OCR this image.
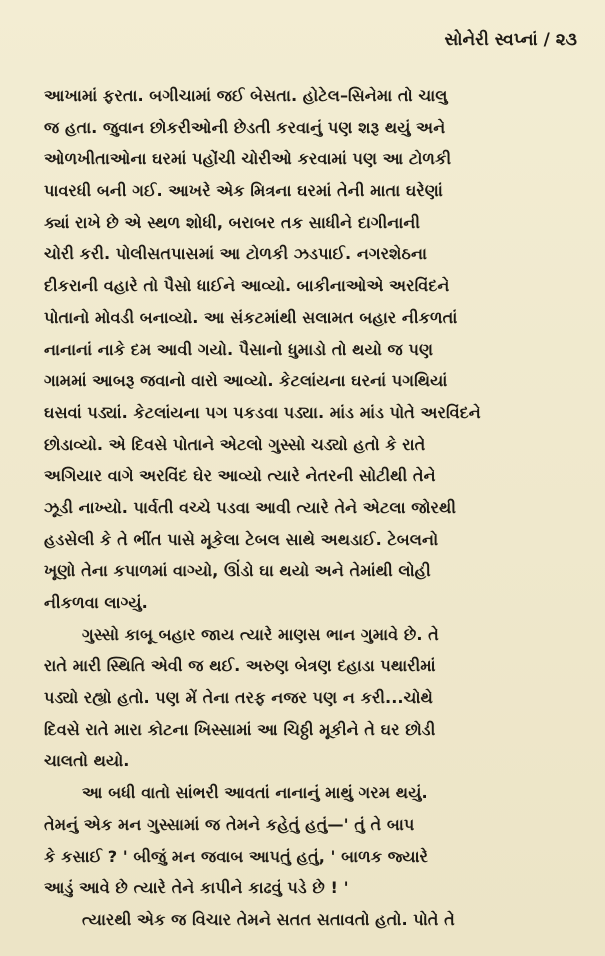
સોનેરી સ્વપ્નાં / ૨૩
આખામાં ફરતા. બગીચામાં જઈ બેસતા. હોટેલ–સિનેમા તો ચાલુ
જ હતા. જુવાન છોકરીઓની છેડતી કરવાનું પણ શરૂ થયું અને
ઓળખીતાઓના ઘરમાં પહોંચી ચોરીઓ કરવામાં પણ આ ટોળકી
પાવરધી બની ગઈ. આખરે એક મિત્રના ઘરમાં તેની માતા ઘરેણાં
ક્યાં રાખે છે એ સ્થળ શોધી, બરાબર તક સાધીને દાગીનાની
ચોરી કરી. પોલીસતપાસમાં આ ટોળકી ઝડપાઈ. નગરશેઠના
દીકરાની વહારે તો પૈસો ધાઈને આવ્યો. બાકીનાઓએ અરવિંદને
પોતાનો મોવડી બનાવ્યો. આ સંકટમાંથી સલામત બહાર નીકળતાં
નાનાનાં નાકે દમ આવી ગયો. પૈસાનો ધુમાડો તો થયો જ પણ
ગામમાં આબરૂ જવાનો વારો આવ્યો. કેટલાંયના ઘરનાં પગથિયાં
ઘસવાં પડ્યાં. કેટલાંયના પગ પકડવા પડ્યા. માંડ માંડ પોતે અરવિંદને
છોડાવ્યો. એ દિવસે પોતાને એટલો ગુસ્સો ચડ્યો હતો કે રાતે
અગિયાર વાગે અરવિંદ ઘેર આવ્યો ત્યારે નેતરની સોટીથી તેને
ઝૂડી નાખ્યો. પાર્વતી વચ્ચે પડવા આવી ત્યારે તેને એટલા જોરથી
હડસેલી કે તે ભીંત પાસે મૂકેલા ટેબલ સાથે અથડાઈ. ટેબલનો
ખૂણો તેના કપાળમાં વાગ્યો, ઊંડો ઘા થયો અને તેમાંથી લોહી
નીકળવા લાગ્યું.
ગુસ્સો કાબૂ બહાર જાય ત્યારે માણસ ભાન ગુમાવે છે. તે
રાતે મારી સ્થિતિ એવી જ થઈ. અરુણ બેત્રણ દહાડા પથારીમાં
પડ્યો રહ્યો હતો. પણ મેં તેના તરફ નજર પણ ન કરી...ચોથે
દિવસે રાતે મારા કોટના ખિસ્સામાં આ ચિઠ્ઠી મૂકીને તે ઘર છોડી
ચાલતો થયો.
આ બધી વાતો સાંભરી આવતાં નાનાનું માથું ગરમ થયું.
તેમનું એક મન ગુસ્સામાં જ તેમને કહેતું હતું—' તું તે બાપ
કે કસાઈ ? ' બીજું મન જવાબ આપતું હતું, ' બાળક જ્યારે
આડું આવે છે ત્યારે તેને કાપીને કાઢવું પડે છે ! '
ત્યારથી એક જ વિચાર તેમને સતત સતાવતો હતો. પોતે તે
